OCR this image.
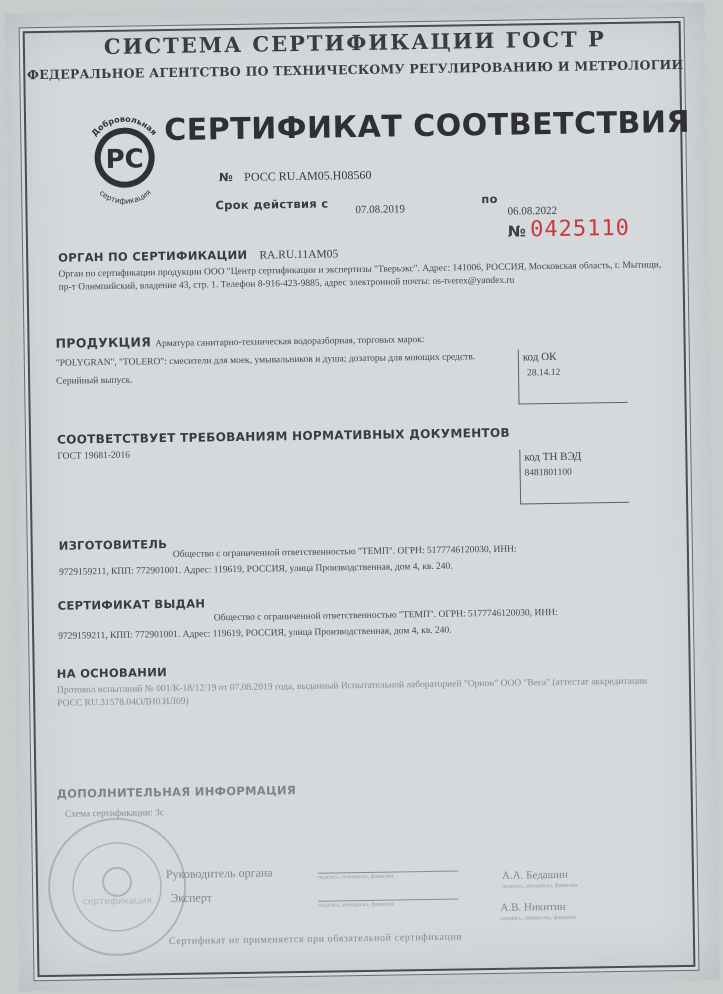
СИСТЕМА СЕРТИФИКАЦИИ ГОСТ Р
ФЕДЕРАЛЬНОЕ АГЕНТСТВО ПО ТЕХНИЧЕСКОМУ РЕГУЛИРОВАНИЮ И МЕТРОЛОГИИ
РС
Добровольная
сертификация
СЕРТИФИКАТ СООТВЕТСТВИЯ
№ РОСС RU.АМ05.Н08560
Срок действия с 07.08.2019
по
06.08.2022
№ 0425110
ОРГАН ПО СЕРТИФИКАЦИИ RA.RU.11АМ05
Орган по сертификации продукции ООО "Центр сертификации и экспертизы "Тверьэкс". Адрес: 141006, РОССИЯ, Московская область, г. Мытищи, пр-т Олимпийский, владение 43, стр. 1. Телефон 8-916-423-9885, адрес электронной почты: os-tverex@yandex.ru
ПРОДУКЦИЯ Арматура санитарно-техническая водоразборная, торговых марок: "POLYGRAN", "TOLERO": смесители для моек, умывальников и душа; дозаторы для моющих средств. Серийный выпуск.
код ОК
28.14.12
СООТВЕТСТВУЕТ ТРЕБОВАНИЯМ НОРМАТИВНЫХ ДОКУМЕНТОВ
ГОСТ 19681-2016	код ТН ВЭД
8481801100
ИЗГОТОВИТЕЛЬ Общество с ограниченной ответственностью "ТЕМП". ОГРН: 5177746120030, ИНН:
9729159211, КПП: 772901001. Адрес: 119619, РОССИЯ, улица Производственная, дом 4, кв. 240.
СЕРТИФИКАТ ВЫДАН
Общество с ограниченной ответственностью "ТЕМП". ОГРН: 5177746120030, ИНН:
9729159211, КПП: 772901001. Адрес: 119619, РОССИЯ, улица Производственная, дом 4, кв. 240.
НА ОСНОВАНИИ
Протокол испытаний № 001/К-18/12/19 от 07.08.2019 года, выданный Испытательной лабораторией "Орион" ООО "Вега" (аттестат аккредитации РОСС RU.31578.04ОЛН0.ИЛ09)
ДОПОЛНИТЕЛЬНАЯ ИНФОРМАЦИЯ
Схема сертификации: 3с
сертификация
Руководитель органа	А.А. Бедашин
подпись, инициалы, фамилия
подпись, инициалы, фамилия
Эксперт
А.В. Никитин
подпись, инициалы, фамилия
подпись, инициалы, фамилия
Сертификат не применяется при обязательной сертификации
